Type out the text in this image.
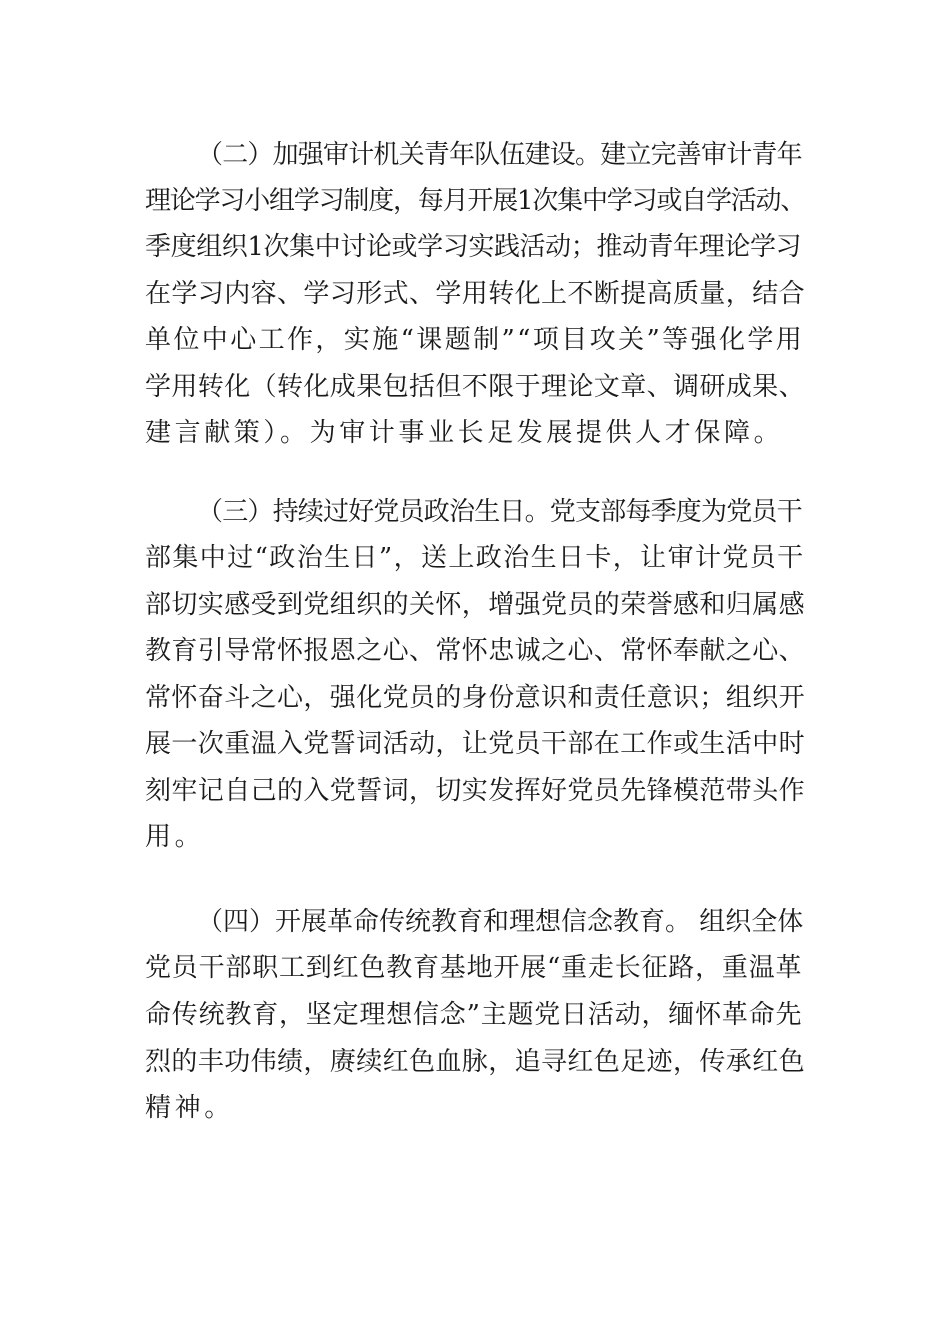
（二）加强审计机关青年队伍建设。建立完善审计青年
理论学习小组学习制度，每月开展1次集中学习或自学活动、
季度组织1次集中讨论或学习实践活动；推动青年理论学习
在学习内容、学习形式、学用转化上不断提高质量，结合
单位中心工作，实施“课题制”“项目攻关”等强化学用
学用转化（转化成果包括但不限于理论文章、调研成果、
建言献策）。为审计事业长足发展提供人才保障。
（三）持续过好党员政治生日。党支部每季度为党员干
部集中过“政治生日”，送上政治生日卡，让审计党员干
部切实感受到党组织的关怀，增强党员的荣誉感和归属感
教育引导常怀报恩之心、常怀忠诚之心、常怀奉献之心、
常怀奋斗之心，强化党员的身份意识和责任意识；组织开
展一次重温入党誓词活动，让党员干部在工作或生活中时
刻牢记自己的入党誓词，切实发挥好党员先锋模范带头作
用。
（四）开展革命传统教育和理想信念教育。 组织全体
党员干部职工到红色教育基地开展“重走长征路，重温革
命传统教育，坚定理想信念”主题党日活动，缅怀革命先
烈的丰功伟绩，赓续红色血脉，追寻红色足迹，传承红色
精神。
